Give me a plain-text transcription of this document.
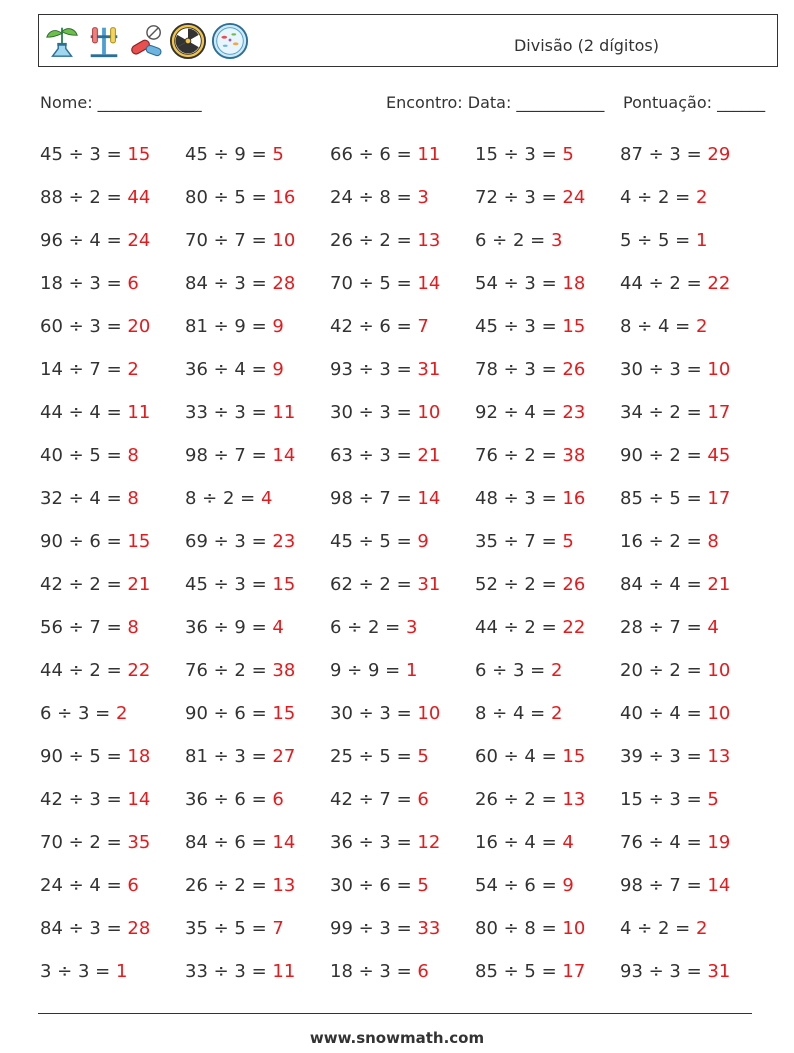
Divisão (2 dígitos)
Nome: _____________	Encontro: Data: ___________ Pontuação: ______
45 ÷ 3 = 15	45 ÷ 9 = 5	66 ÷ 6 = 11	15 ÷ 3 = 5	87 ÷ 3 = 29
88 ÷ 2 = 44	80 ÷ 5 = 16	24 ÷ 8 = 3	72 ÷ 3 = 24	4 ÷ 2 = 2
96 ÷ 4 = 24	70 ÷ 7 = 10	26 ÷ 2 = 13	6 ÷ 2 = 3	5 ÷ 5 = 1
18 ÷ 3 = 6	84 ÷ 3 = 28	70 ÷ 5 = 14	54 ÷ 3 = 18	44 ÷ 2 = 22
60 ÷ 3 = 20	81 ÷ 9 = 9	42 ÷ 6 = 7	45 ÷ 3 = 15	8 ÷ 4 = 2
14 ÷ 7 = 2	36 ÷ 4 = 9	93 ÷ 3 = 31	78 ÷ 3 = 26	30 ÷ 3 = 10
44 ÷ 4 = 11	33 ÷ 3 = 11	30 ÷ 3 = 10	92 ÷ 4 = 23	34 ÷ 2 = 17
40 ÷ 5 = 8	98 ÷ 7 = 14	63 ÷ 3 = 21	76 ÷ 2 = 38	90 ÷ 2 = 45
32 ÷ 4 = 8	8 ÷ 2 = 4	98 ÷ 7 = 14	48 ÷ 3 = 16	85 ÷ 5 = 17
90 ÷ 6 = 15	69 ÷ 3 = 23	45 ÷ 5 = 9	35 ÷ 7 = 5	16 ÷ 2 = 8
42 ÷ 2 = 21	45 ÷ 3 = 15	62 ÷ 2 = 31	52 ÷ 2 = 26	84 ÷ 4 = 21
56 ÷ 7 = 8	36 ÷ 9 = 4	6 ÷ 2 = 3	44 ÷ 2 = 22	28 ÷ 7 = 4
44 ÷ 2 = 22	76 ÷ 2 = 38	9 ÷ 9 = 1	6 ÷ 3 = 2	20 ÷ 2 = 10
6 ÷ 3 = 2	90 ÷ 6 = 15	30 ÷ 3 = 10	8 ÷ 4 = 2	40 ÷ 4 = 10
90 ÷ 5 = 18	81 ÷ 3 = 27	25 ÷ 5 = 5	60 ÷ 4 = 15	39 ÷ 3 = 13
42 ÷ 3 = 14	36 ÷ 6 = 6	42 ÷ 7 = 6	26 ÷ 2 = 13	15 ÷ 3 = 5
70 ÷ 2 = 35	84 ÷ 6 = 14	36 ÷ 3 = 12	16 ÷ 4 = 4	76 ÷ 4 = 19
24 ÷ 4 = 6	26 ÷ 2 = 13	30 ÷ 6 = 5	54 ÷ 6 = 9	98 ÷ 7 = 14
84 ÷ 3 = 28	35 ÷ 5 = 7	99 ÷ 3 = 33	80 ÷ 8 = 10	4 ÷ 2 = 2
3 ÷ 3 = 1	33 ÷ 3 = 11	18 ÷ 3 = 6	85 ÷ 5 = 17	93 ÷ 3 = 31
www.snowmath.com
